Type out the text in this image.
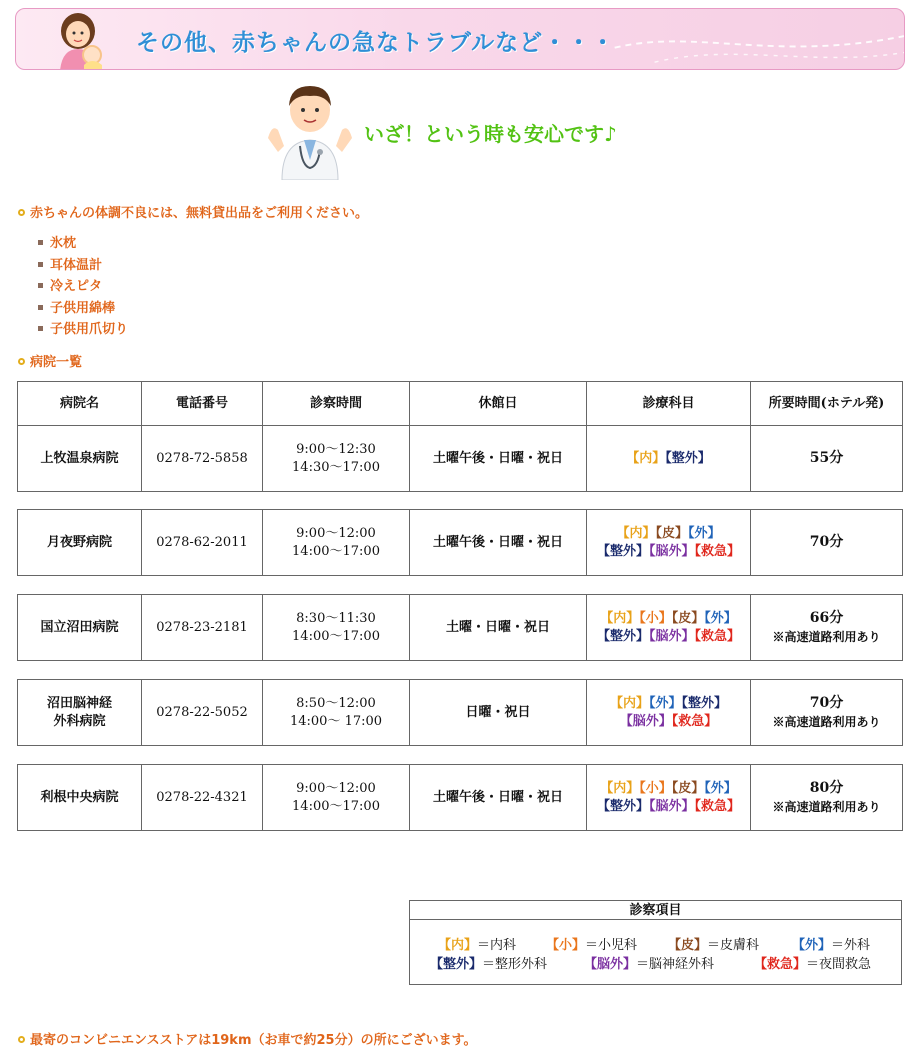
その他、赤ちゃんの急なトラブルなど・・・
いざ！という時も安心です♪
赤ちゃんの体調不良には、無料貸出品をご利用ください。
氷枕
耳体温計
冷えピタ
子供用綿棒
子供用爪切り
病院一覧
病院名	電話番号	診察時間	休館日	診療科目	所要時間(ホテル発)
上牧温泉病院	0278-72-5858	9:00〜12:30
14:30〜17:00	土曜午後・日曜・祝日	【内】【整外】	55分
月夜野病院	0278-62-2011	9:00〜12:00
14:00〜17:00	土曜午後・日曜・祝日	【内】【皮】【外】
【整外】【脳外】【救急】	70分
国立沼田病院	0278-23-2181	8:30〜11:30
14:00〜17:00	土曜・日曜・祝日	【内】【小】【皮】【外】
【整外】【脳外】【救急】	66分
※高速道路利用あり
沼田脳神経
外科病院	0278-22-5052	8:50〜12:00
14:00〜 17:00	日曜・祝日	【内】【外】【整外】
【脳外】【救急】	70分
※高速道路利用あり
利根中央病院	0278-22-4321	9:00〜12:00
14:00〜17:00	土曜午後・日曜・祝日	【内】【小】【皮】【外】
【整外】【脳外】【救急】	80分
※高速道路利用あり
診察項目
【内】＝内科 【小】＝小児科 【皮】＝皮膚科	【外】＝外科
【整外】＝整形外科	【脳外】＝脳神経外科	【救急】＝夜間救急
最寄のコンビニエンスストアは19km（お車で約25分）の所にございます。
